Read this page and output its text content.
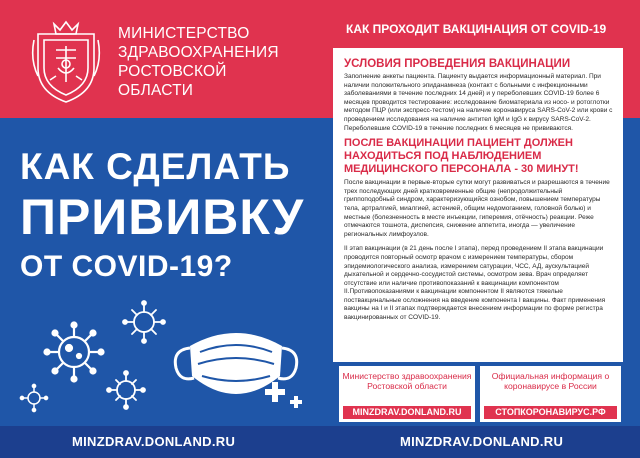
МИНИСТЕРСТВО
ЗДРАВООХРАНЕНИЯ
РОСТОВСКОЙ
ОБЛАСТИ
КАК СДЕЛАТЬ
ПРИВИВКУ
ОТ COVID-19?
MINZDRAV.DONLAND.RU	MINZDRAV.DONLAND.RU
КАК ПРОХОДИТ ВАКЦИНАЦИЯ ОТ COVID-19
УСЛОВИЯ ПРОВЕДЕНИЯ ВАКЦИНАЦИИ

Заполнение анкеты пациента. Пациенту выдается информационный материал. При наличии положительного эпиданамнеза (контакт с больными с инфекционными заболеваниями в течение последних 14 дней) и у переболевших COVID-19 более 6 месяцев проводится тестирование: исследование биоматериала из носо- и ротоглотки методом ПЦР (или экспресс-тестом) на наличие коронавируса SARS-CoV-2 или крови с проведением исследования на наличие антител IgM и IgG к вирусу SARS-CoV-2. Переболевшие COVID-19 в течение последних 6 месяцев не прививаются.

ПОСЛЕ ВАКЦИНАЦИИ ПАЦИЕНТ ДОЛЖЕН НАХОДИТЬСЯ ПОД НАБЛЮДЕНИЕМ МЕДИЦИНСКОГО ПЕРСОНАЛА - 30 МИНУТ!

После вакцинации в первые-вторые сутки могут развиваться и разрешаются в течение трех последующих дней кратковременные общие (непродолжительный гриппоподобный синдром, характеризующийся ознобом, повышением температуры тела, артралгией, миалгией, астенией, общим недомоганием, головной болью) и местные (болезненность в месте инъекции, гиперемия, отёчность) реакции. Реже отмечаются тошнота, диспепсия, снижение аппетита, иногда — увеличение региональных лимфоузлов.

II этап вакцинации (в 21 день после I этапа), перед проведением II этапа вакцинации проводится повторный осмотр врачом с измерением температуры, сбором эпидемиологического анализа, измерением сатурации, ЧСС, АД, аускультацией дыхательной и сердечно-сосудистой системы, осмотром зева. Врач определяет отсутствие или наличие противопоказаний к вакцинации компонентом II.Противопоказаниями к вакцинации компонентом II являются тяжелые поствакцинальные осложнения на введение компонента I вакцины. Факт применения вакцины на I и II этапах подтверждается внесением информации по форме регистра вакцинированных от COVID-19.

Министерство здравоохранения Ростовской области
MINZDRAV.DONLAND.RU
Официальная информация о коронавирусе в России
СТОПКОРОНАВИРУС.РФ
